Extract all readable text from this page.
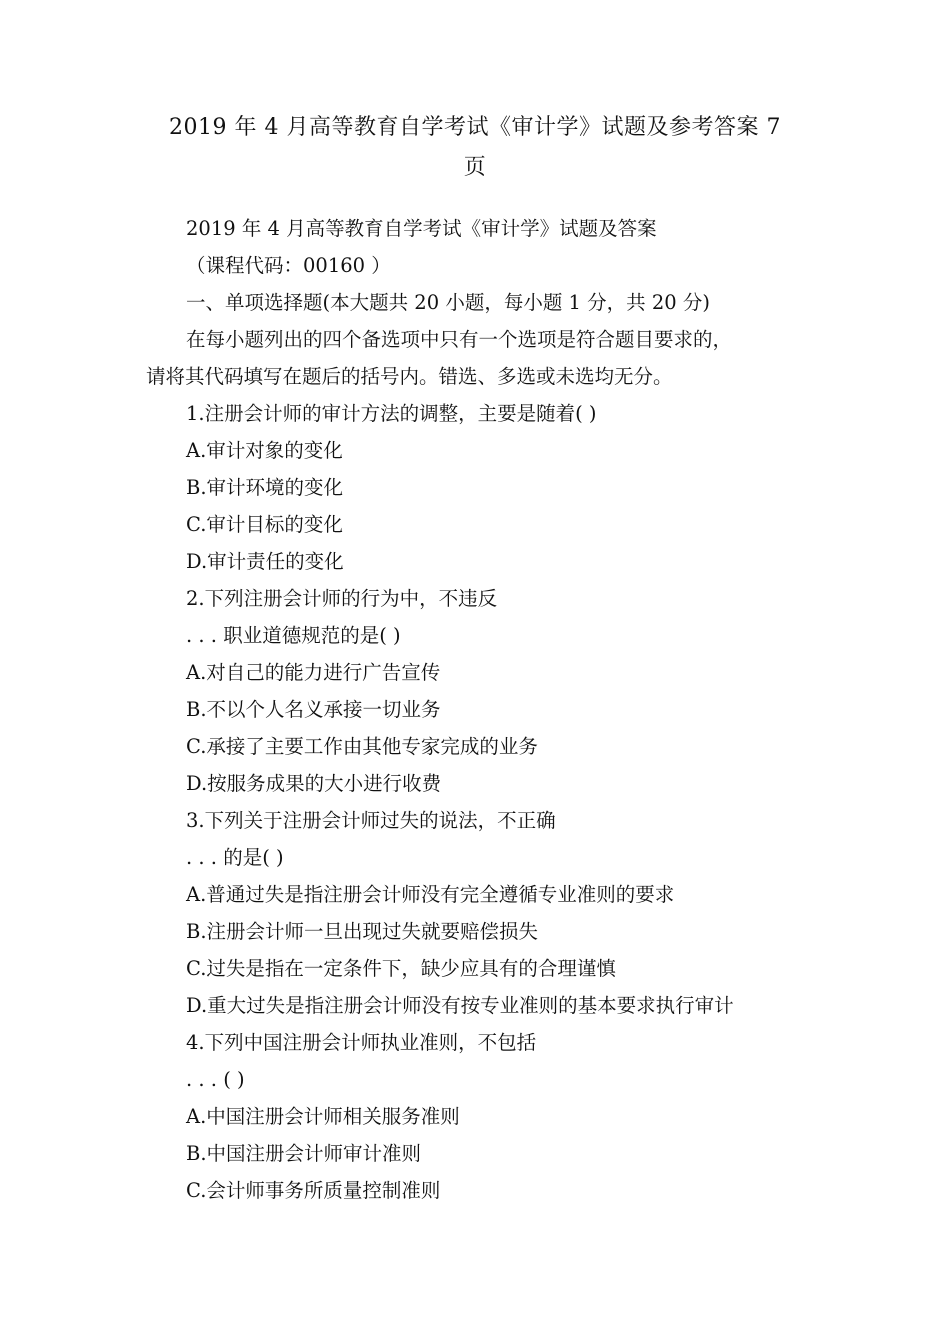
2019 年 4 月高等教育自学考试《审计学》试题及参考答案 7
页
2019 年 4 月高等教育自学考试《审计学》试题及答案
（课程代码：00160 ）
一、单项选择题(本大题共 20 小题，每小题 1 分，共 20 分)
在每小题列出的四个备选项中只有一个选项是符合题目要求的，
请将其代码填写在题后的括号内。错选、多选或未选均无分。
1.注册会计师的审计方法的调整，主要是随着( )
A.审计对象的变化
B.审计环境的变化
C.审计目标的变化
D.审计责任的变化
2.下列注册会计师的行为中，不违反
. . . 职业道德规范的是( )
A.对自己的能力进行广告宣传
B.不以个人名义承接一切业务
C.承接了主要工作由其他专家完成的业务
D.按服务成果的大小进行收费
3.下列关于注册会计师过失的说法，不正确
. . . 的是( )
A.普通过失是指注册会计师没有完全遵循专业准则的要求
B.注册会计师一旦出现过失就要赔偿损失
C.过失是指在一定条件下，缺少应具有的合理谨慎
D.重大过失是指注册会计师没有按专业准则的基本要求执行审计
4.下列中国注册会计师执业准则，不包括
. . . ( )
A.中国注册会计师相关服务准则
B.中国注册会计师审计准则
C.会计师事务所质量控制准则
